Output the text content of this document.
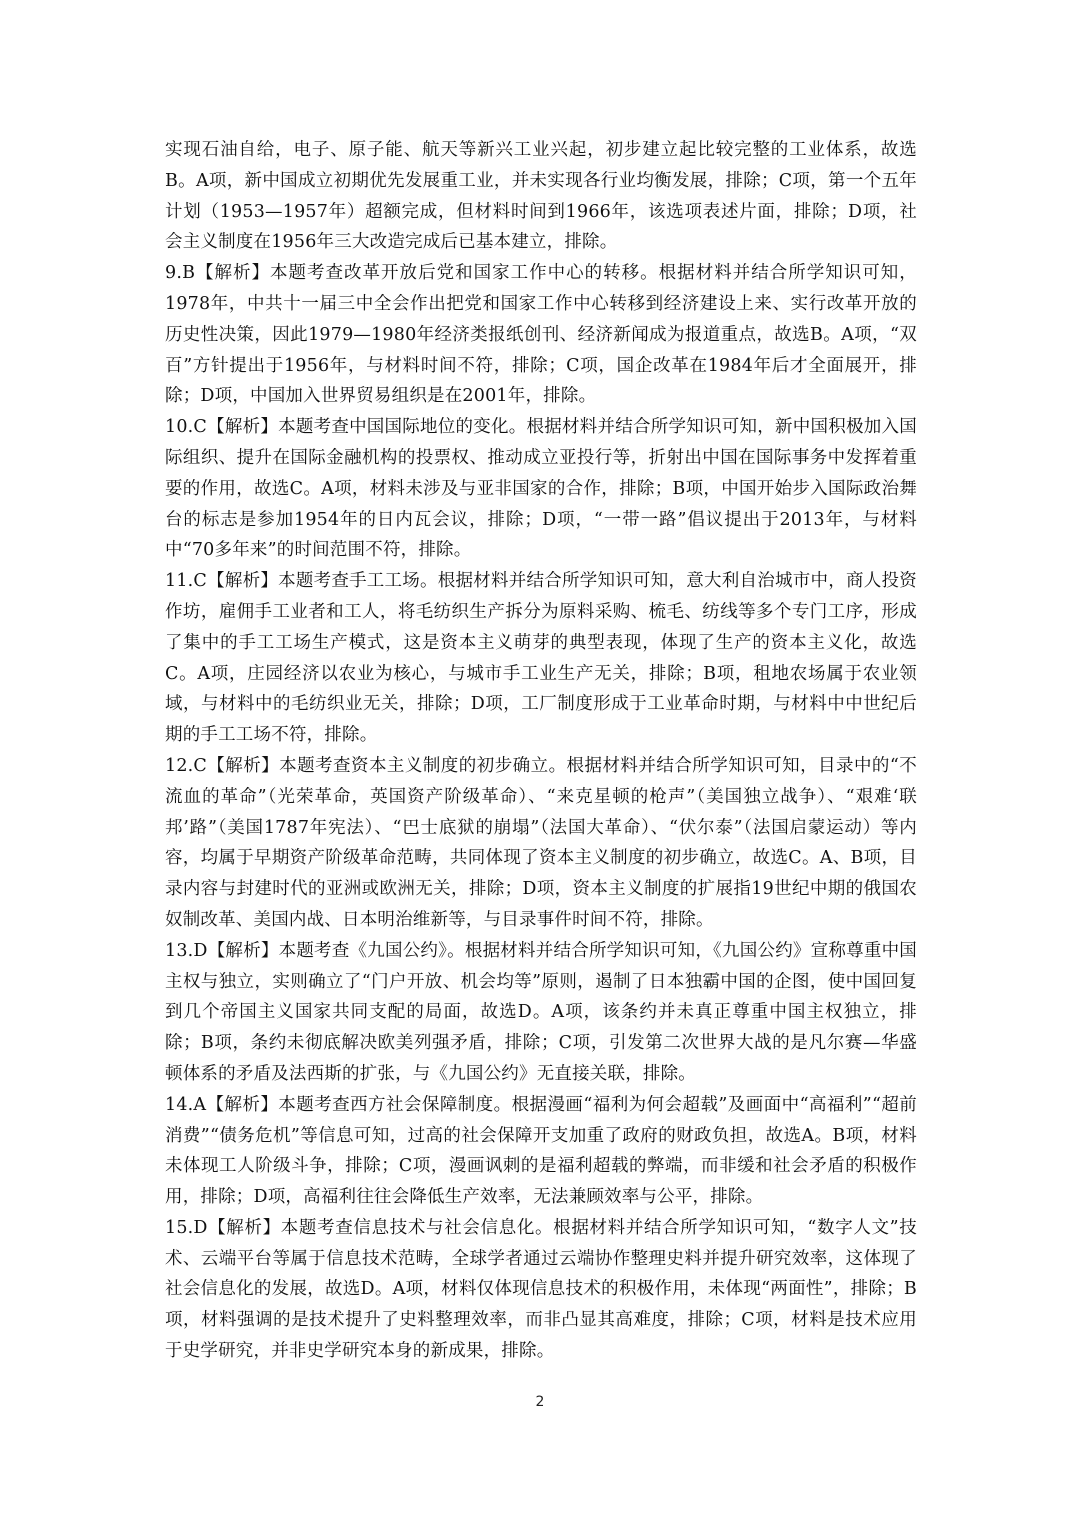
实现石油自给，电子、原子能、航天等新兴工业兴起，初步建立起比较完整的工业体系，故选B。A项，新中国成立初期优先发展重工业，并未实现各行业均衡发展，排除；C项，第一个五年计划（1953—1957年）超额完成，但材料时间到1966年，该选项表述片面，排除；D项，社会主义制度在1956年三大改造完成后已基本建立，排除。

9.B【解析】本题考查改革开放后党和国家工作中心的转移。根据材料并结合所学知识可知，1978年，中共十一届三中全会作出把党和国家工作中心转移到经济建设上来、实行改革开放的历史性决策，因此1979—1980年经济类报纸创刊、经济新闻成为报道重点，故选B。A项，“双百”方针提出于1956年，与材料时间不符，排除；C项，国企改革在1984年后才全面展开，排除；D项，中国加入世界贸易组织是在2001年，排除。

10.C【解析】本题考查中国国际地位的变化。根据材料并结合所学知识可知，新中国积极加入国际组织、提升在国际金融机构的投票权、推动成立亚投行等，折射出中国在国际事务中发挥着重要的作用，故选C。A项，材料未涉及与亚非国家的合作，排除；B项，中国开始步入国际政治舞台的标志是参加1954年的日内瓦会议，排除；D项，“一带一路”倡议提出于2013年，与材料中“70多年来”的时间范围不符，排除。

11.C【解析】本题考查手工工场。根据材料并结合所学知识可知，意大利自治城市中，商人投资作坊，雇佣手工业者和工人，将毛纺织生产拆分为原料采购、梳毛、纺线等多个专门工序，形成了集中的手工工场生产模式，这是资本主义萌芽的典型表现，体现了生产的资本主义化，故选C。A项，庄园经济以农业为核心，与城市手工业生产无关，排除；B项，租地农场属于农业领域，与材料中的毛纺织业无关，排除；D项，工厂制度形成于工业革命时期，与材料中中世纪后期的手工工场不符，排除。

12.C【解析】本题考查资本主义制度的初步确立。根据材料并结合所学知识可知，目录中的“不流血的革命”（光荣革命，英国资产阶级革命）、“来克星顿的枪声”（美国独立战争）、“艰难‘联邦’路”（美国1787年宪法）、“巴士底狱的崩塌”（法国大革命）、“伏尔泰”（法国启蒙运动）等内容，均属于早期资产阶级革命范畴，共同体现了资本主义制度的初步确立，故选C。A、B项，目录内容与封建时代的亚洲或欧洲无关，排除；D项，资本主义制度的扩展指19世纪中期的俄国农奴制改革、美国内战、日本明治维新等，与目录事件时间不符，排除。

13.D【解析】本题考查《九国公约》。根据材料并结合所学知识可知，《九国公约》宣称尊重中国主权与独立，实则确立了“门户开放、机会均等”原则，遏制了日本独霸中国的企图，使中国回复到几个帝国主义国家共同支配的局面，故选D。A项，该条约并未真正尊重中国主权独立，排除；B项，条约未彻底解决欧美列强矛盾，排除；C项，引发第二次世界大战的是凡尔赛—华盛顿体系的矛盾及法西斯的扩张，与《九国公约》无直接关联，排除。

14.A【解析】本题考查西方社会保障制度。根据漫画“福利为何会超载”及画面中“高福利”“超前消费”“债务危机”等信息可知，过高的社会保障开支加重了政府的财政负担，故选A。B项，材料未体现工人阶级斗争，排除；C项，漫画讽刺的是福利超载的弊端，而非缓和社会矛盾的积极作用，排除；D项，高福利往往会降低生产效率，无法兼顾效率与公平，排除。

15.D【解析】本题考查信息技术与社会信息化。根据材料并结合所学知识可知，“数字人文”技术、云端平台等属于信息技术范畴，全球学者通过云端协作整理史料并提升研究效率，这体现了社会信息化的发展，故选D。A项，材料仅体现信息技术的积极作用，未体现“两面性”，排除；B项，材料强调的是技术提升了史料整理效率，而非凸显其高难度，排除；C项，材料是技术应用于史学研究，并非史学研究本身的新成果，排除。

2
